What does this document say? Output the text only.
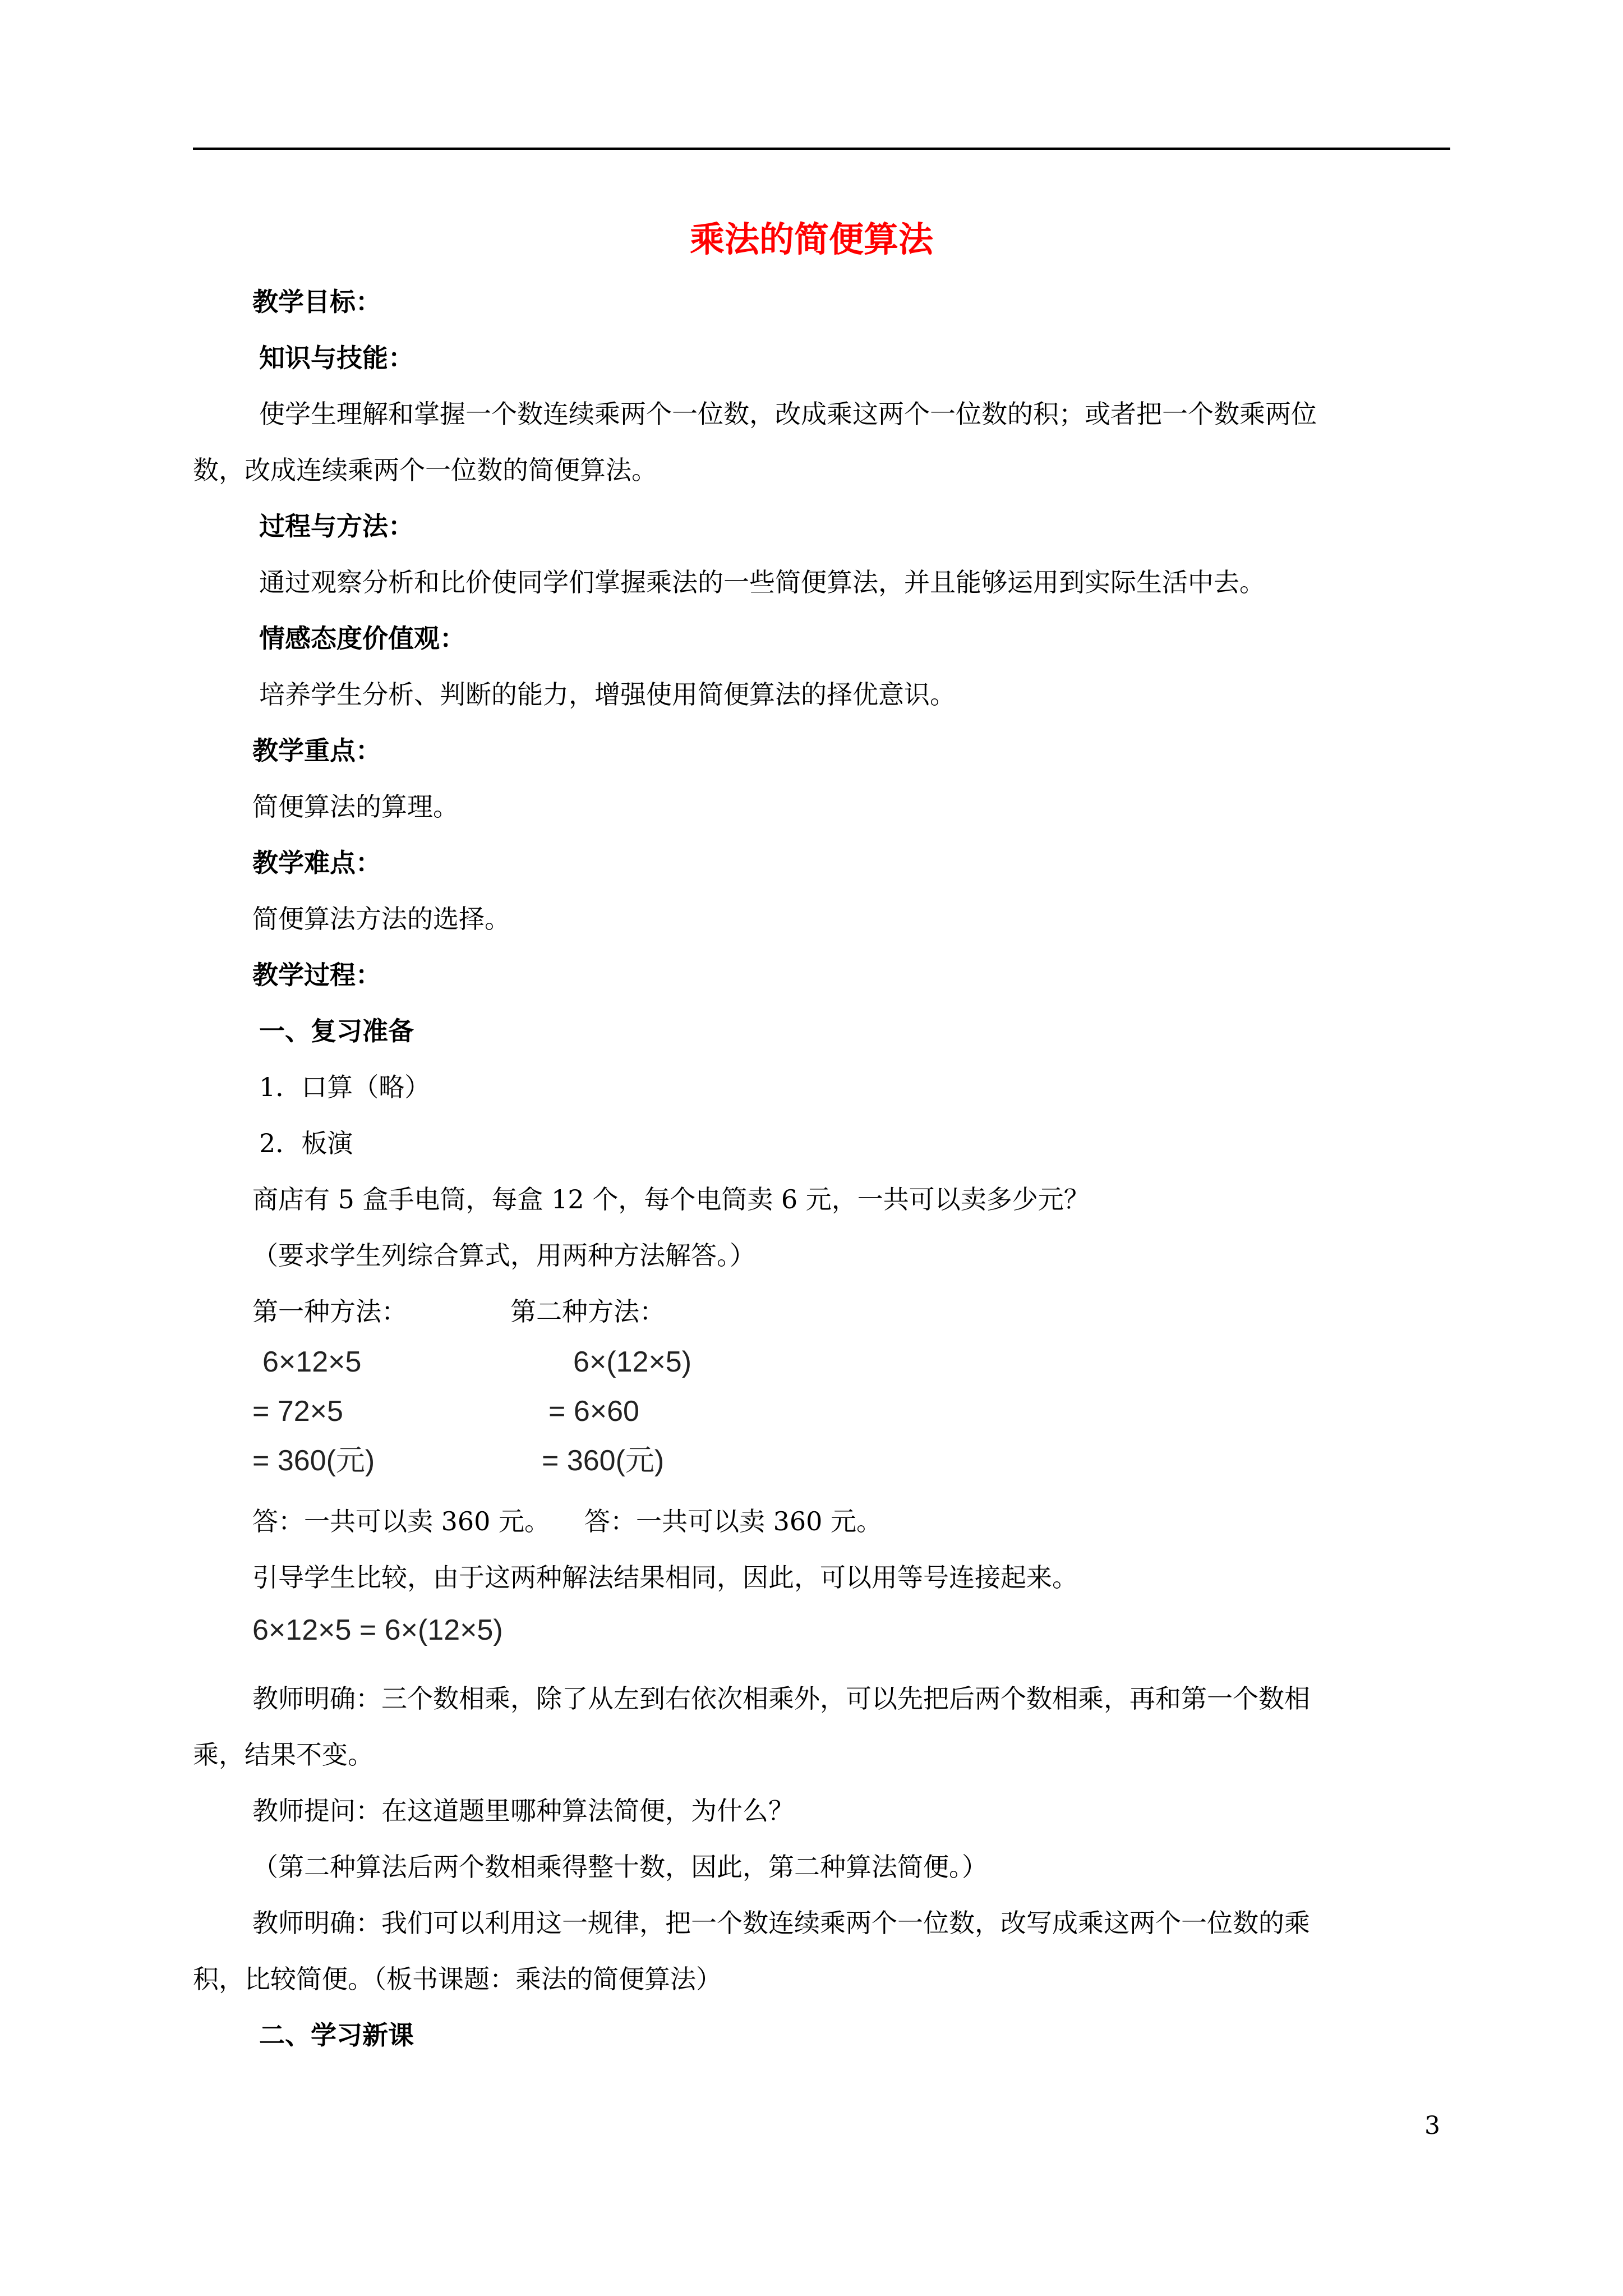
乘法的简便算法
教学目标：
知识与技能：
使学生理解和掌握一个数连续乘两个一位数，改成乘这两个一位数的积；或者把一个数乘两位
数，改成连续乘两个一位数的简便算法。
过程与方法：
通过观察分析和比价使同学们掌握乘法的一些简便算法，并且能够运用到实际生活中去。
情感态度价值观：
培养学生分析、判断的能力，增强使用简便算法的择优意识。
教学重点：
简便算法的算理。
教学难点：
简便算法方法的选择。
教学过程：
一、复习准备
1．口算（略）
2．板演
商店有 5 盒手电筒，每盒 12 个，每个电筒卖 6 元，一共可以卖多少元？
（要求学生列综合算式，用两种方法解答。）
第一种方法：	第二种方法：
6×12×5
= 72×5
= 360(元)
6×(12×5)
= 6×60
= 360(元)
答：一共可以卖 360 元。 答：一共可以卖 360 元。
引导学生比较，由于这两种解法结果相同，因此，可以用等号连接起来。
6×12×5 = 6×(12×5)
教师明确：三个数相乘，除了从左到右依次相乘外，可以先把后两个数相乘，再和第一个数相
乘，结果不变。
教师提问：在这道题里哪种算法简便，为什么？
（第二种算法后两个数相乘得整十数，因此，第二种算法简便。）
教师明确：我们可以利用这一规律，把一个数连续乘两个一位数，改写成乘这两个一位数的乘
积，比较简便。（板书课题：乘法的简便算法）
二、学习新课
3
